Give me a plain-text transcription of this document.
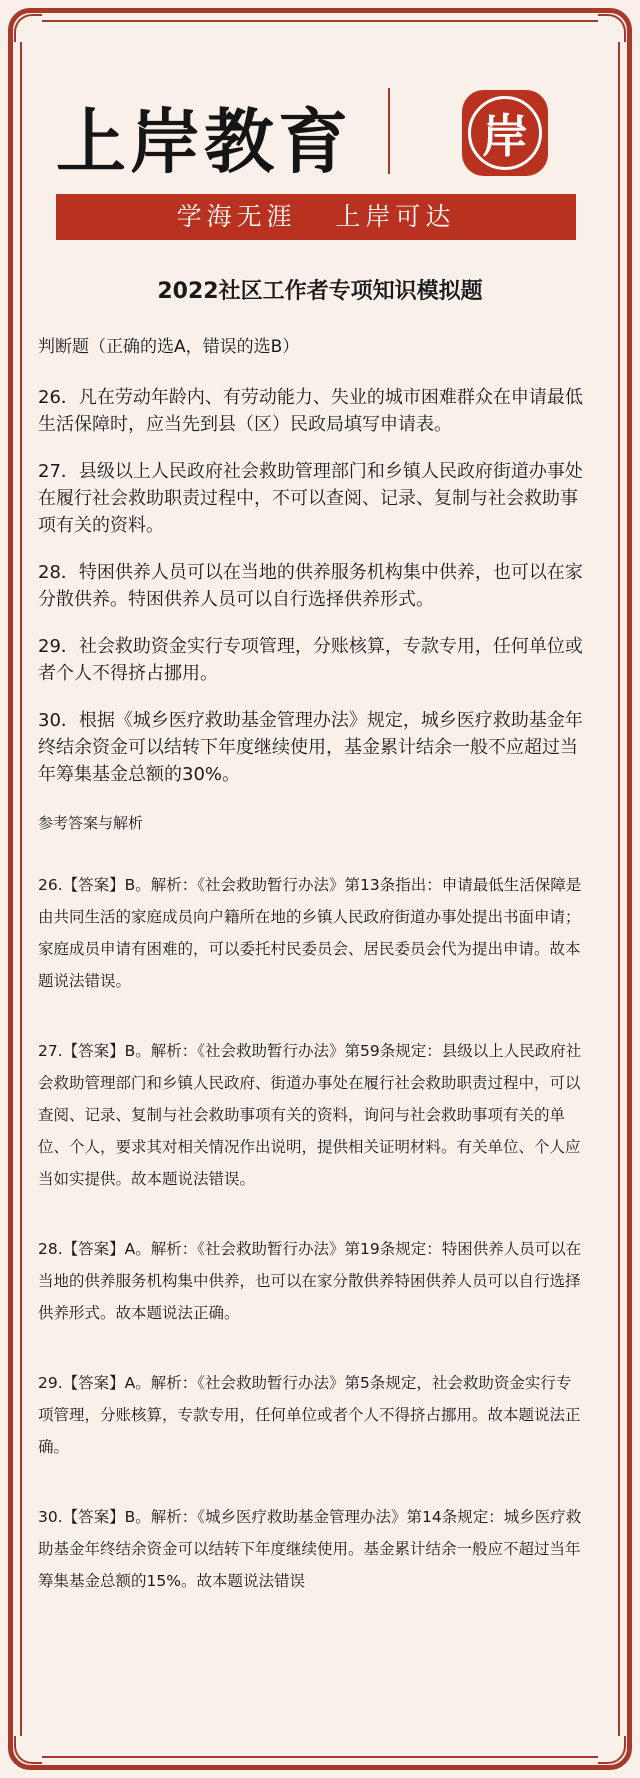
上岸教育	岸
学海无涯   上岸可达
2022社区工作者专项知识模拟题

判断题（正确的选A，错误的选B）

26．凡在劳动年龄内、有劳动能力、失业的城市困难群众在申请最低生活保障时，应当先到县（区）民政局填写申请表。

27．县级以上人民政府社会救助管理部门和乡镇人民政府街道办事处在履行社会救助职责过程中，不可以查阅、记录、复制与社会救助事项有关的资料。

28．特困供养人员可以在当地的供养服务机构集中供养，也可以在家分散供养。特困供养人员可以自行选择供养形式。

29．社会救助资金实行专项管理，分账核算，专款专用，任何单位或者个人不得挤占挪用。

30．根据《城乡医疗救助基金管理办法》规定，城乡医疗救助基金年终结余资金可以结转下年度继续使用，基金累计结余一般不应超过当年筹集基金总额的30%。

参考答案与解析

26.【答案】B。解析：《社会救助暂行办法》第13条指出：申请最低生活保障是由共同生活的家庭成员向户籍所在地的乡镇人民政府街道办事处提出书面申请；家庭成员申请有困难的，可以委托村民委员会、居民委员会代为提出申请。故本题说法错误。

27.【答案】B。解析：《社会救助暂行办法》第59条规定：县级以上人民政府社会救助管理部门和乡镇人民政府、街道办事处在履行社会救助职责过程中，可以查阅、记录、复制与社会救助事项有关的资料，询问与社会救助事项有关的单位、个人，要求其对相关情况作出说明，提供相关证明材料。有关单位、个人应当如实提供。故本题说法错误。

28.【答案】A。解析：《社会救助暂行办法》第19条规定：特困供养人员可以在当地的供养服务机构集中供养，也可以在家分散供养特困供养人员可以自行选择供养形式。故本题说法正确。

29.【答案】A。解析：《社会救助暂行办法》第5条规定，社会救助资金实行专项管理，分账核算，专款专用，任何单位或者个人不得挤占挪用。故本题说法正确。

30.【答案】B。解析：《城乡医疗救助基金管理办法》第14条规定：城乡医疗救助基金年终结余资金可以结转下年度继续使用。基金累计结余一般应不超过当年筹集基金总额的15%。故本题说法错误
